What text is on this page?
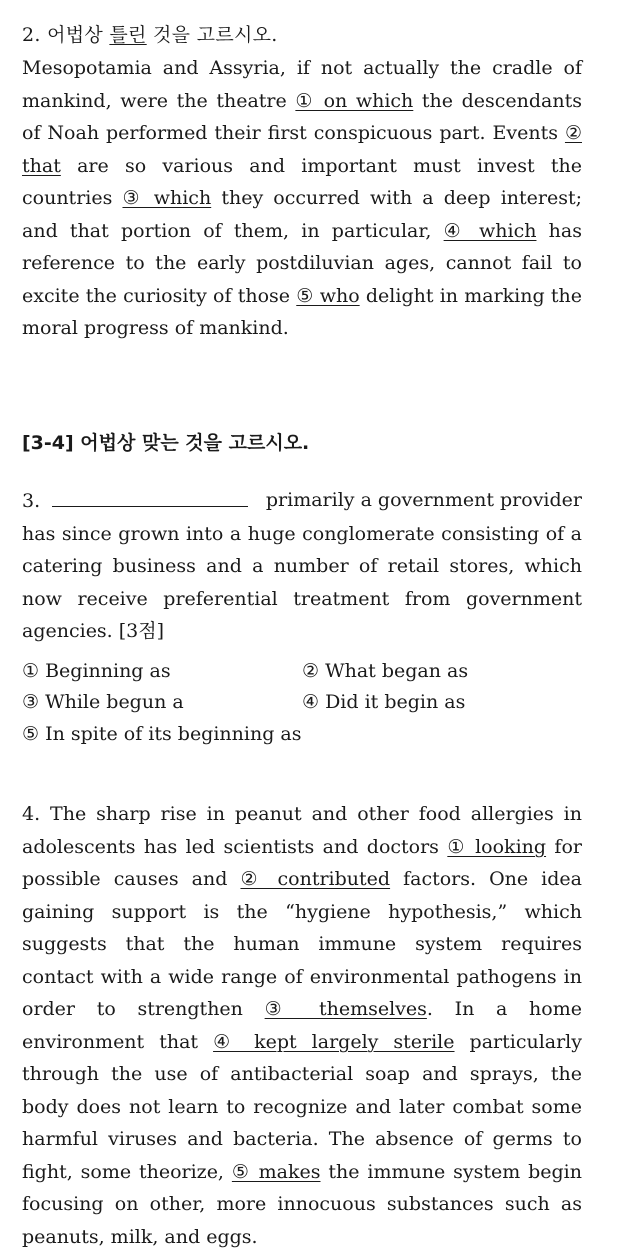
2. 어법상 틀린 것을 고르시오.

Mesopotamia and Assyria, if not actually the cradle of mankind, were the theatre ① on which the descendants of Noah performed their first conspicuous part. Events ② that are so various and important must invest the countries ③ which they occurred with a deep interest; and that portion of them, in particular, ④ which has reference to the early postdiluvian ages, cannot fail to excite the curiosity of those ⑤ who delight in marking the moral progress of mankind.

[3-4] 어법상 맞는 것을 고르시오.
3.	primarily a government provider

has since grown into a huge conglomerate consisting of a catering business and a number of retail stores, which now receive preferential treatment from government agencies. [3점]

① Beginning as	② What began as
③ While begun a	④ Did it begin as
⑤ In spite of its beginning as

4. The sharp rise in peanut and other food allergies in adolescents has led scientists and doctors ① looking for possible causes and ② contributed factors. One idea gaining support is the “hygiene hypothesis,” which suggests that the human immune system requires contact with a wide range of environmental pathogens in order to strengthen ③ themselves. In a home environment that ④ kept largely sterile particularly through the use of antibacterial soap and sprays, the body does not learn to recognize and later combat some harmful viruses and bacteria. The absence of germs to fight, some theorize, ⑤ makes the immune system begin focusing on other, more innocuous substances such as peanuts, milk, and eggs.
